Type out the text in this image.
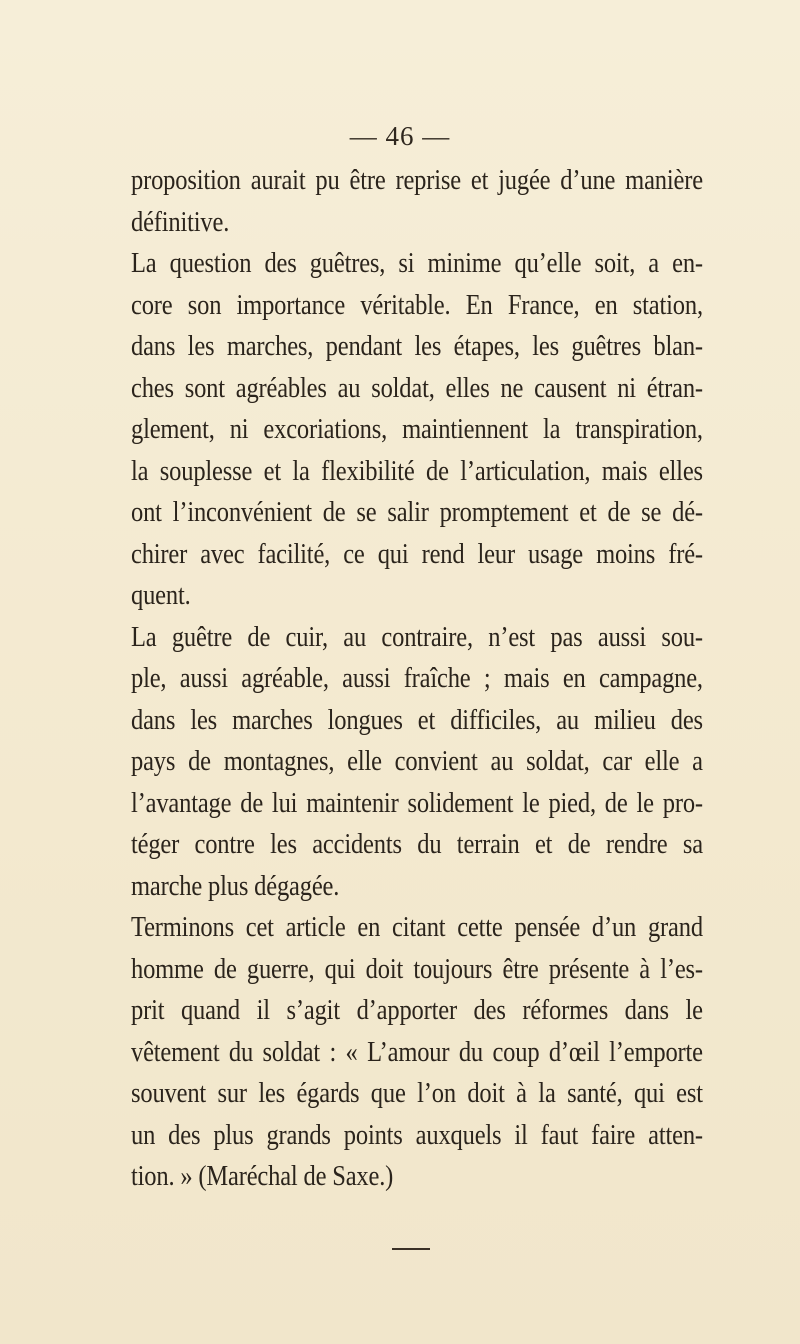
— 46 —
proposition aurait pu être reprise et jugée d’une manière
définitive.
La question des guêtres, si minime qu’elle soit, a en-
core son importance véritable. En France, en station,
dans les marches, pendant les étapes, les guêtres blan-
ches sont agréables au soldat, elles ne causent ni étran-
glement, ni excoriations, maintiennent la transpiration,
la souplesse et la flexibilité de l’articulation, mais elles
ont l’inconvénient de se salir promptement et de se dé-
chirer avec facilité, ce qui rend leur usage moins fré-
quent.
La guêtre de cuir, au contraire, n’est pas aussi sou-
ple, aussi agréable, aussi fraîche ; mais en campagne,
dans les marches longues et difficiles, au milieu des
pays de montagnes, elle convient au soldat, car elle a
l’avantage de lui maintenir solidement le pied, de le pro-
téger contre les accidents du terrain et de rendre sa
marche plus dégagée.
Terminons cet article en citant cette pensée d’un grand
homme de guerre, qui doit toujours être présente à l’es-
prit quand il s’agit d’apporter des réformes dans le
vêtement du soldat : « L’amour du coup d’œil l’emporte
souvent sur les égards que l’on doit à la santé, qui est
un des plus grands points auxquels il faut faire atten-
tion. » (Maréchal de Saxe.)
